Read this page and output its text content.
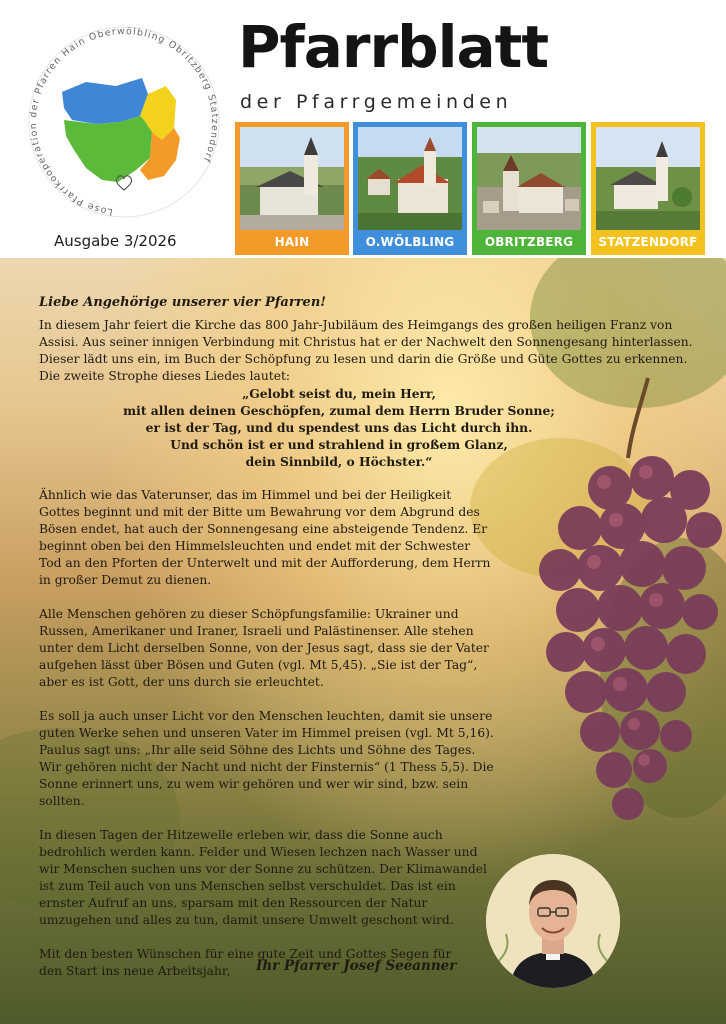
Lose Pfarrkooperation der Pfarren Hain Oberwölbling Obritzberg Statzendorf
Ausgabe 3/2026
Pfarrblatt
der Pfarrgemeinden
HAIN	O.WÖLBLING	OBRITZBERG	STATZENDORF
Liebe Angehörige unserer vier Pfarren!

In diesem Jahr feiert die Kirche das 800 Jahr-Jubiläum des Heimgangs des großen heiligen Franz von Assisi. Aus seiner innigen Verbindung mit Christus hat er der Nachwelt den Sonnengesang hinterlassen. Dieser lädt uns ein, im Buch der Schöpfung zu lesen und darin die Größe und Güte Gottes zu erkennen. Die zweite Strophe dieses Liedes lautet:

„Gelobt seist du, mein Herr,
mit allen deinen Geschöpfen, zumal dem Herrn Bruder Sonne;
er ist der Tag, und du spendest uns das Licht durch ihn.
Und schön ist er und strahlend in großem Glanz,
dein Sinnbild, o Höchster.“

Ähnlich wie das Vaterunser, das im Himmel und bei der Heiligkeit Gottes beginnt und mit der Bitte um Bewahrung vor dem Abgrund des Bösen endet, hat auch der Sonnengesang eine absteigende Tendenz. Er beginnt oben bei den Himmelsleuchten und endet mit der Schwester Tod an den Pforten der Unterwelt und mit der Aufforderung, dem Herrn in großer Demut zu dienen.

Alle Menschen gehören zu dieser Schöpfungsfamilie: Ukrainer und Russen, Amerikaner und Iraner, Israeli und Palästinenser. Alle stehen unter dem Licht derselben Sonne, von der Jesus sagt, dass sie der Vater aufgehen lässt über Bösen und Guten (vgl. Mt 5,45). „Sie ist der Tag“, aber es ist Gott, der uns durch sie erleuchtet.

Es soll ja auch unser Licht vor den Menschen leuchten, damit sie unsere guten Werke sehen und unseren Vater im Himmel preisen (vgl. Mt 5,16). Paulus sagt uns: „Ihr alle seid Söhne des Lichts und Söhne des Tages. Wir gehören nicht der Nacht und nicht der Finsternis“ (1 Thess 5,5). Die Sonne erinnert uns, zu wem wir gehören und wer wir sind, bzw. sein sollten.

In diesen Tagen der Hitzewelle erleben wir, dass die Sonne auch bedrohlich werden kann. Felder und Wiesen lechzen nach Wasser und wir Menschen suchen uns vor der Sonne zu schützen. Der Klimawandel ist zum Teil auch von uns Menschen selbst verschuldet. Das ist ein ernster Aufruf an uns, sparsam mit den Ressourcen der Natur umzugehen und alles zu tun, damit unsere Umwelt geschont wird.

Mit den besten Wünschen für eine gute Zeit und Gottes Segen für den Start ins neue Arbeitsjahr,	Ihr Pfarrer Josef Seeanner
